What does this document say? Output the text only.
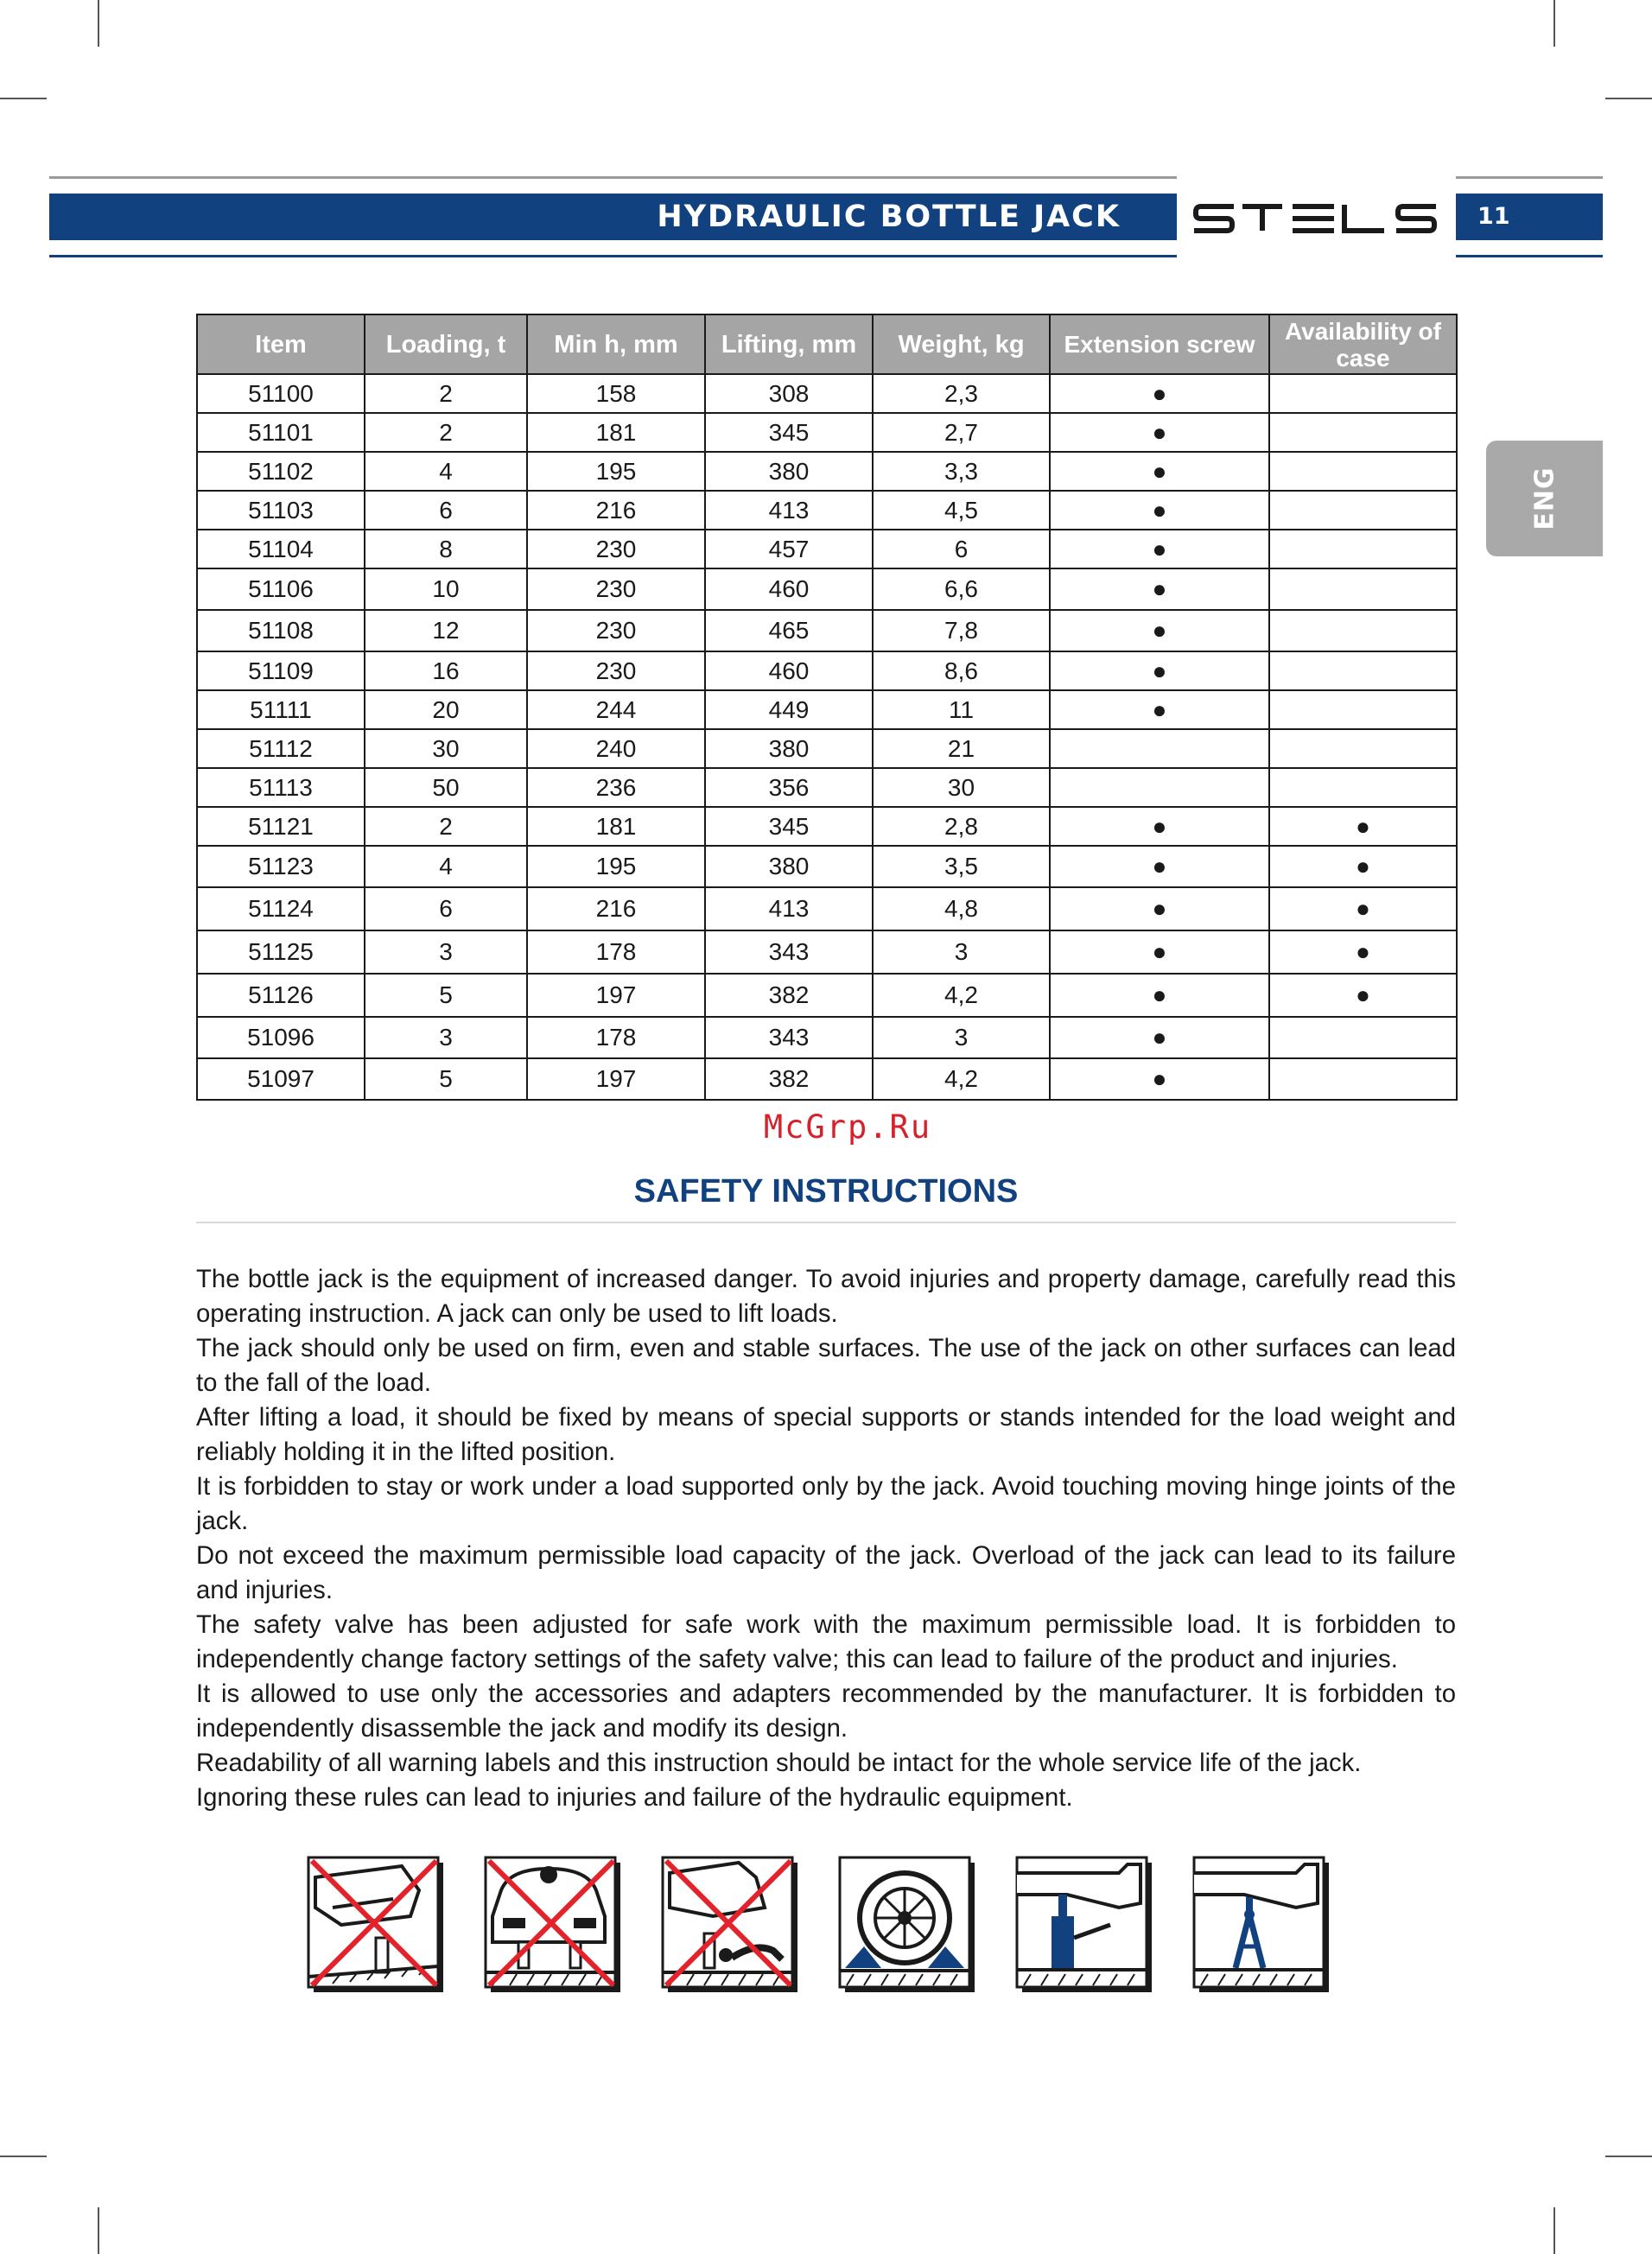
HYDRAULIC BOTTLE JACK	11
ENG
Item	Loading, t	Min h, mm	Lifting, mm	Weight, kg	Extension screw	Availability of case
51100	2	158	308	2,3	●	
51101	2	181	345	2,7	●	
51102	4	195	380	3,3	●	
51103	6	216	413	4,5	●	
51104	8	230	457	6	●	
51106	10	230	460	6,6	●	
51108	12	230	465	7,8	●	
51109	16	230	460	8,6	●	
51111	20	244	449	11	●	
51112	30	240	380	21		
51113	50	236	356	30		
51121	2	181	345	2,8	●	●
51123	4	195	380	3,5	●	●
51124	6	216	413	4,8	●	●
51125	3	178	343	3	●	●
51126	5	197	382	4,2	●	●
51096	3	178	343	3	●	
51097	5	197	382	4,2	●	
McGrp.Ru
SAFETY INSTRUCTIONS

The bottle jack is the equipment of increased danger. To avoid injuries and property damage, carefully read this operating instruction. A jack can only be used to lift loads.

The jack should only be used on firm, even and stable surfaces. The use of the jack on other surfaces can lead to the fall of the load.

After lifting a load, it should be fixed by means of special supports or stands intended for the load weight and reliably holding it in the lifted position.

It is forbidden to stay or work under a load supported only by the jack. Avoid touching moving hinge joints of the jack.

Do not exceed the maximum permissible load capacity of the jack. Overload of the jack can lead to its failure and injuries.

The safety valve has been adjusted for safe work with the maximum permissible load. It is forbidden to independently change factory settings of the safety valve; this can lead to failure of the product and injuries.

It is allowed to use only the accessories and adapters recommended by the manufacturer. It is forbidden to independently disassemble the jack and modify its design.

Readability of all warning labels and this instruction should be intact for the whole service life of the jack.

Ignoring these rules can lead to injuries and failure of the hydraulic equipment.
